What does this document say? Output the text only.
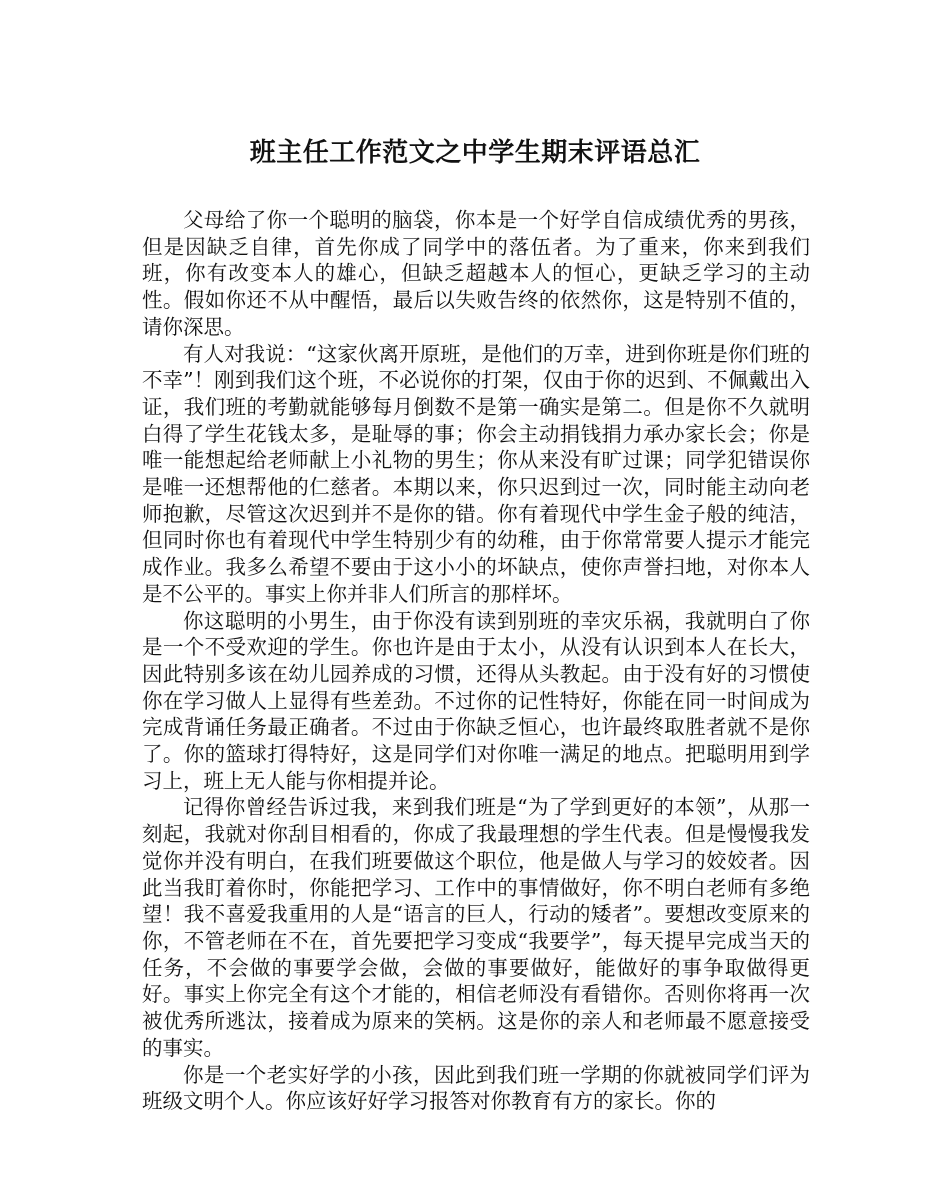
班主任工作范文之中学生期末评语总汇

父母给了你一个聪明的脑袋，你本是一个好学自信成绩优秀的男孩，但是因缺乏自律，首先你成了同学中的落伍者。为了重来，你来到我们班，你有改变本人的雄心，但缺乏超越本人的恒心，更缺乏学习的主动性。假如你还不从中醒悟，最后以失败告终的依然你，这是特别不值的，请你深思。

有人对我说：“这家伙离开原班，是他们的万幸，进到你班是你们班的不幸”！刚到我们这个班，不必说你的打架，仅由于你的迟到、不佩戴出入证，我们班的考勤就能够每月倒数不是第一确实是第二。但是你不久就明白得了学生花钱太多，是耻辱的事；你会主动捐钱捐力承办家长会；你是唯一能想起给老师献上小礼物的男生；你从来没有旷过课；同学犯错误你是唯一还想帮他的仁慈者。本期以来，你只迟到过一次，同时能主动向老师抱歉，尽管这次迟到并不是你的错。你有着现代中学生金子般的纯洁，但同时你也有着现代中学生特别少有的幼稚，由于你常常要人提示才能完成作业。我多么希望不要由于这小小的坏缺点，使你声誉扫地，对你本人是不公平的。事实上你并非人们所言的那样坏。

你这聪明的小男生，由于你没有读到别班的幸灾乐祸，我就明白了你是一个不受欢迎的学生。你也许是由于太小，从没有认识到本人在长大，因此特别多该在幼儿园养成的习惯，还得从头教起。由于没有好的习惯使你在学习做人上显得有些差劲。不过你的记性特好，你能在同一时间成为完成背诵任务最正确者。不过由于你缺乏恒心，也许最终取胜者就不是你了。你的篮球打得特好，这是同学们对你唯一满足的地点。把聪明用到学习上，班上无人能与你相提并论。

记得你曾经告诉过我，来到我们班是“为了学到更好的本领”，从那一刻起，我就对你刮目相看的，你成了我最理想的学生代表。但是慢慢我发觉你并没有明白，在我们班要做这个职位，他是做人与学习的姣姣者。因此当我盯着你时，你能把学习、工作中的事情做好，你不明白老师有多绝望！我不喜爱我重用的人是“语言的巨人，行动的矮者”。要想改变原来的你，不管老师在不在，首先要把学习变成“我要学”，每天提早完成当天的任务，不会做的事要学会做，会做的事要做好，能做好的事争取做得更好。事实上你完全有这个才能的，相信老师没有看错你。否则你将再一次被优秀所逃汰，接着成为原来的笑柄。这是你的亲人和老师最不愿意接受的事实。

你是一个老实好学的小孩，因此到我们班一学期的你就被同学们评为班级文明个人。你应该好好学习报答对你教育有方的家长。你的
